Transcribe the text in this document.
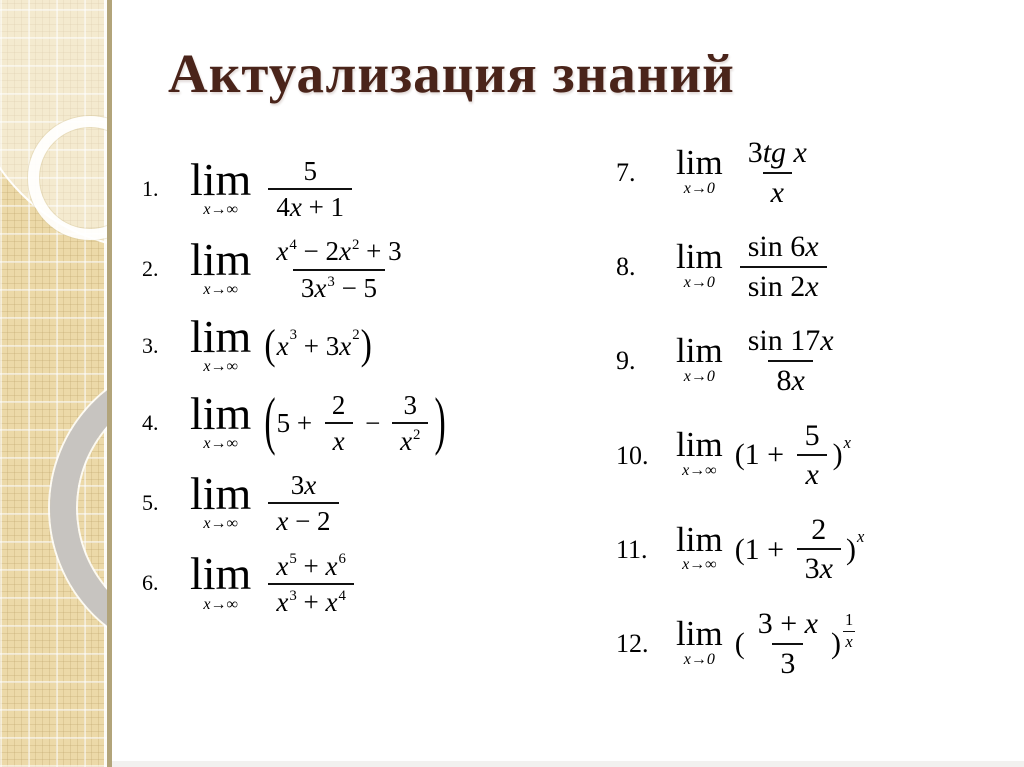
Актуализация знаний
1. lim
$x\to\infty \frac{5}{4x + 1}$
2. lim
$x\to\infty \frac{x 4 - 2x 2 + 3}{3x 3 - 5}$
3. lim
x→∞ ( x 3 + 3 x 2 )
4. lim
x→∞ ( $5 + \frac{2}{x} - \frac{3}{x 2}$ )
5. lim
$x\to\infty \frac{3x}{x - 2}$
6. lim
$x\to\infty \frac{x 5 + x 6}{x 3 + x 4}$
7.	lim
$x\to 0 \frac{\text{3tg x}}{x}$
8.	lim
$x\to 0 \frac{\sin 6x}{\sin 2x}$
9.	lim
$x\to 0 \frac{\sin 17x}{8x}$
10. lim
x→∞ ($1 + \frac{5}{x}$ ) x
11. lim
x→∞ ($1 + \frac{2}{3x}$ ) x
12. lim
x→0 ( $\frac{3 + x}{3}$ ) $\frac{1}{x}$
